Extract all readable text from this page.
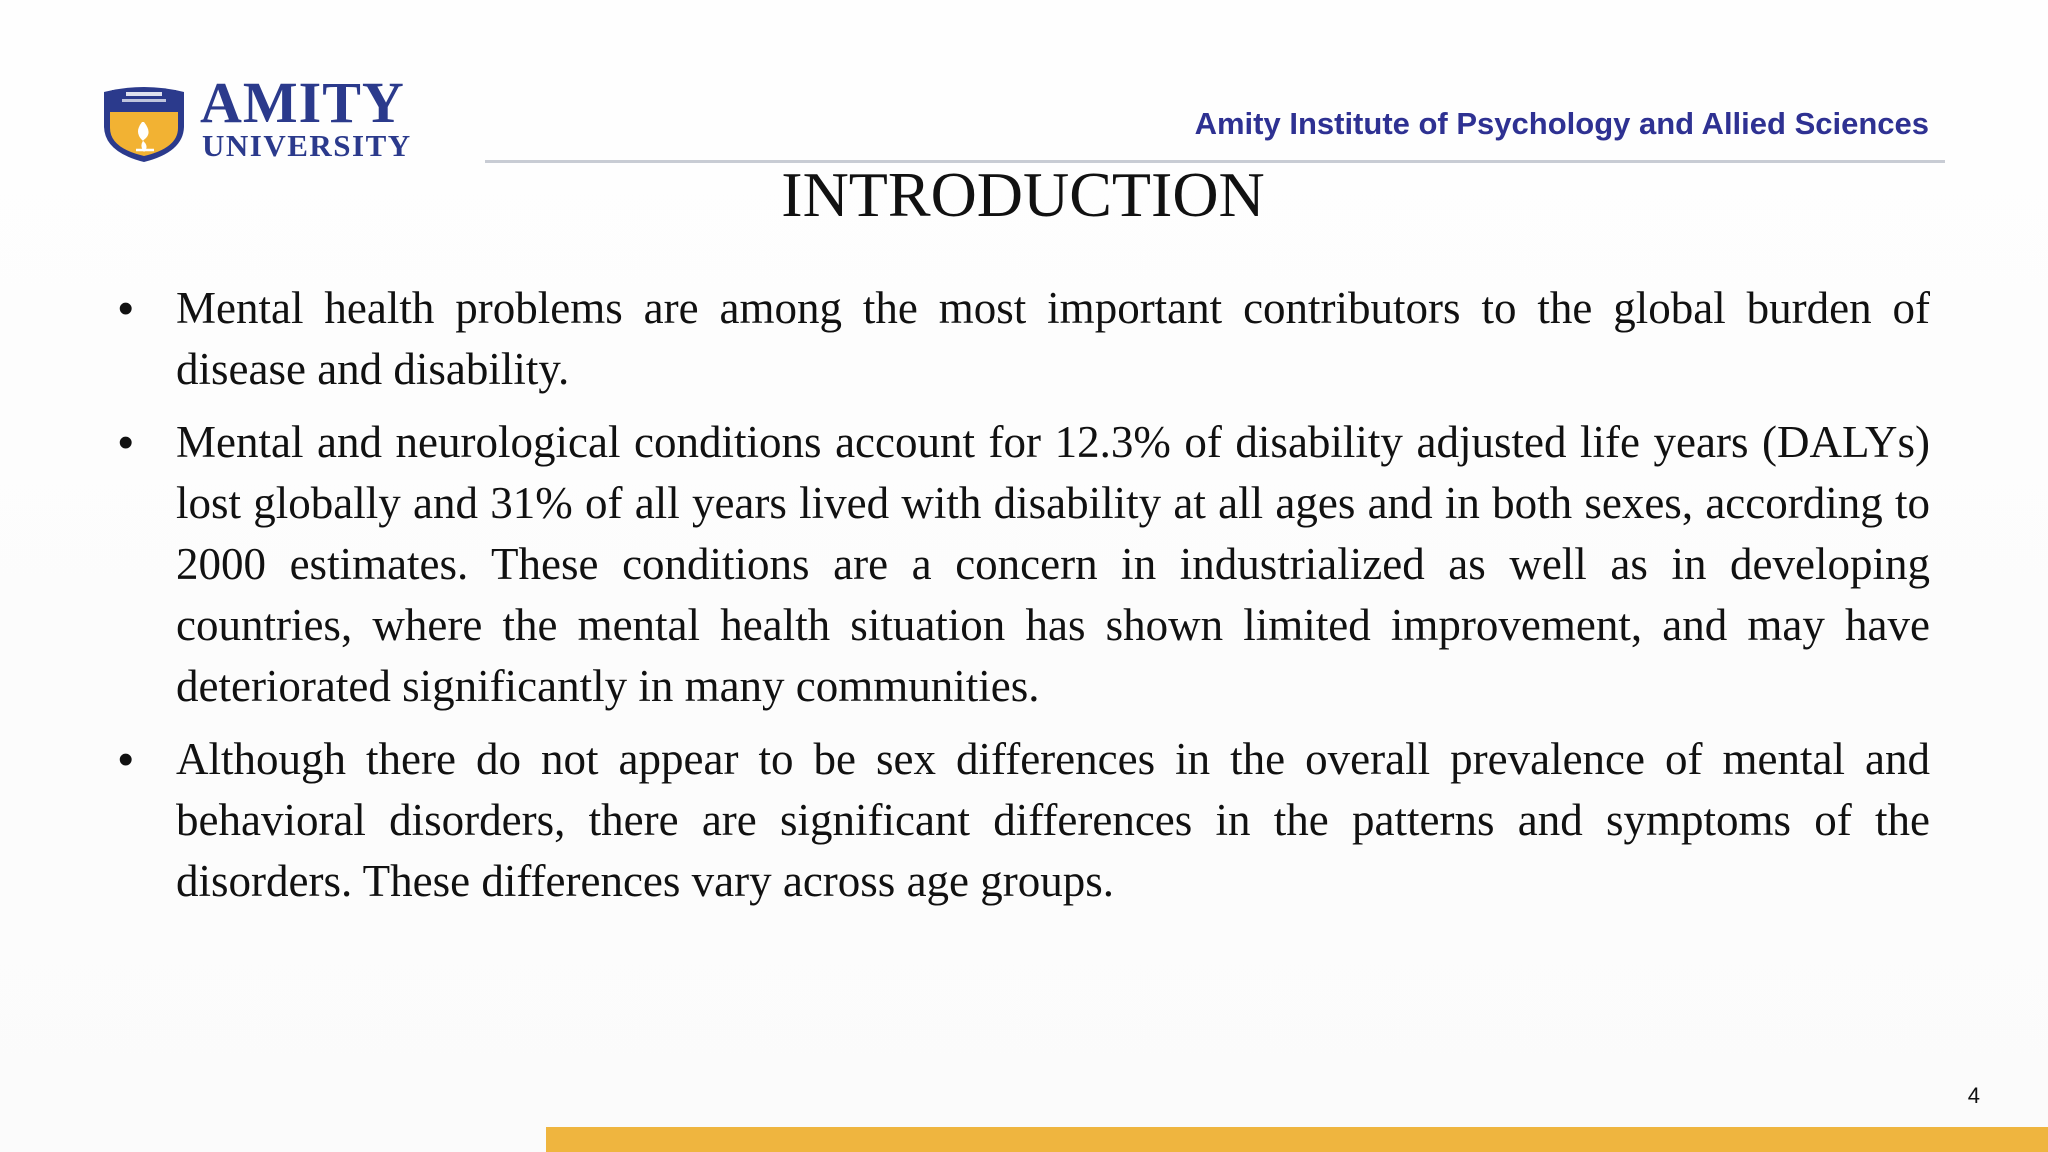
AMITY
UNIVERSITY
Amity Institute of Psychology and Allied Sciences
INTRODUCTION
• Mental health problems are among the most important contributors to the global burden of disease and disability.
• Mental and neurological conditions account for 12.3% of disability adjusted life years (DALYs) lost globally and 31% of all years lived with disability at all ages and in both sexes, according to 2000 estimates. These conditions are a concern in industrialized as well as in developing countries, where the mental health situation has shown limited improvement, and may have deteriorated significantly in many communities.
• Although there do not appear to be sex differences in the overall prevalence of mental and behavioral disorders, there are significant differences in the patterns and symptoms of the disorders. These differences vary across age groups.
4
